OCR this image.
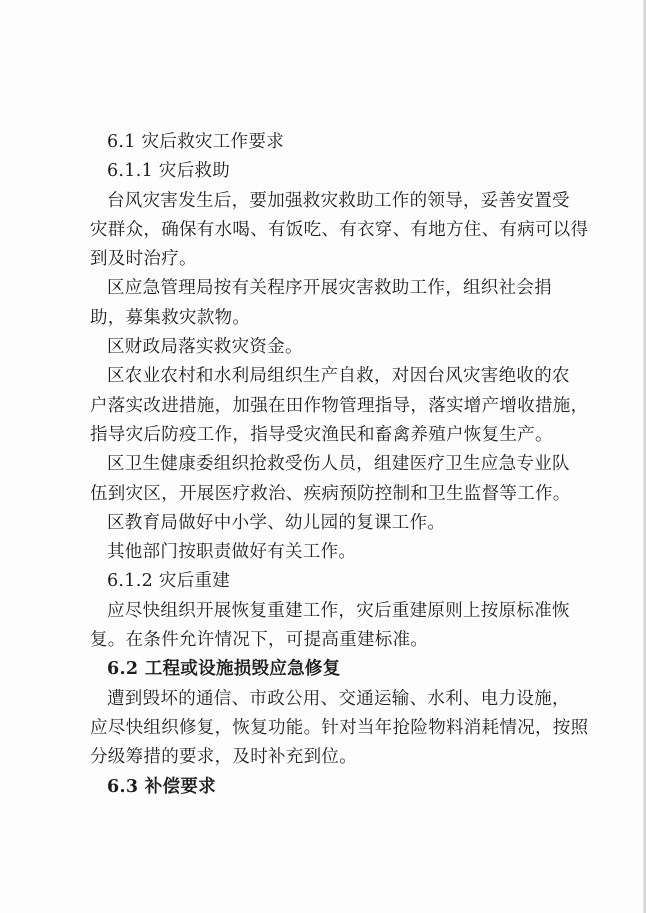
6.1 灾后救灾工作要求
6.1.1 灾后救助
台风灾害发生后，要加强救灾救助工作的领导，妥善安置受
灾群众，确保有水喝、有饭吃、有衣穿、有地方住、有病可以得
到及时治疗。
区应急管理局按有关程序开展灾害救助工作，组织社会捐
助，募集救灾款物。
区财政局落实救灾资金。
区农业农村和水利局组织生产自救，对因台风灾害绝收的农
户落实改进措施，加强在田作物管理指导，落实增产增收措施，
指导灾后防疫工作，指导受灾渔民和畜禽养殖户恢复生产。
区卫生健康委组织抢救受伤人员，组建医疗卫生应急专业队
伍到灾区，开展医疗救治、疾病预防控制和卫生监督等工作。
区教育局做好中小学、幼儿园的复课工作。
其他部门按职责做好有关工作。
6.1.2 灾后重建
应尽快组织开展恢复重建工作，灾后重建原则上按原标准恢
复。在条件允许情况下，可提高重建标准。
6.2 工程或设施损毁应急修复
遭到毁坏的通信、市政公用、交通运输、水利、电力设施，
应尽快组织修复，恢复功能。针对当年抢险物料消耗情况，按照
分级筹措的要求，及时补充到位。
6.3 补偿要求
